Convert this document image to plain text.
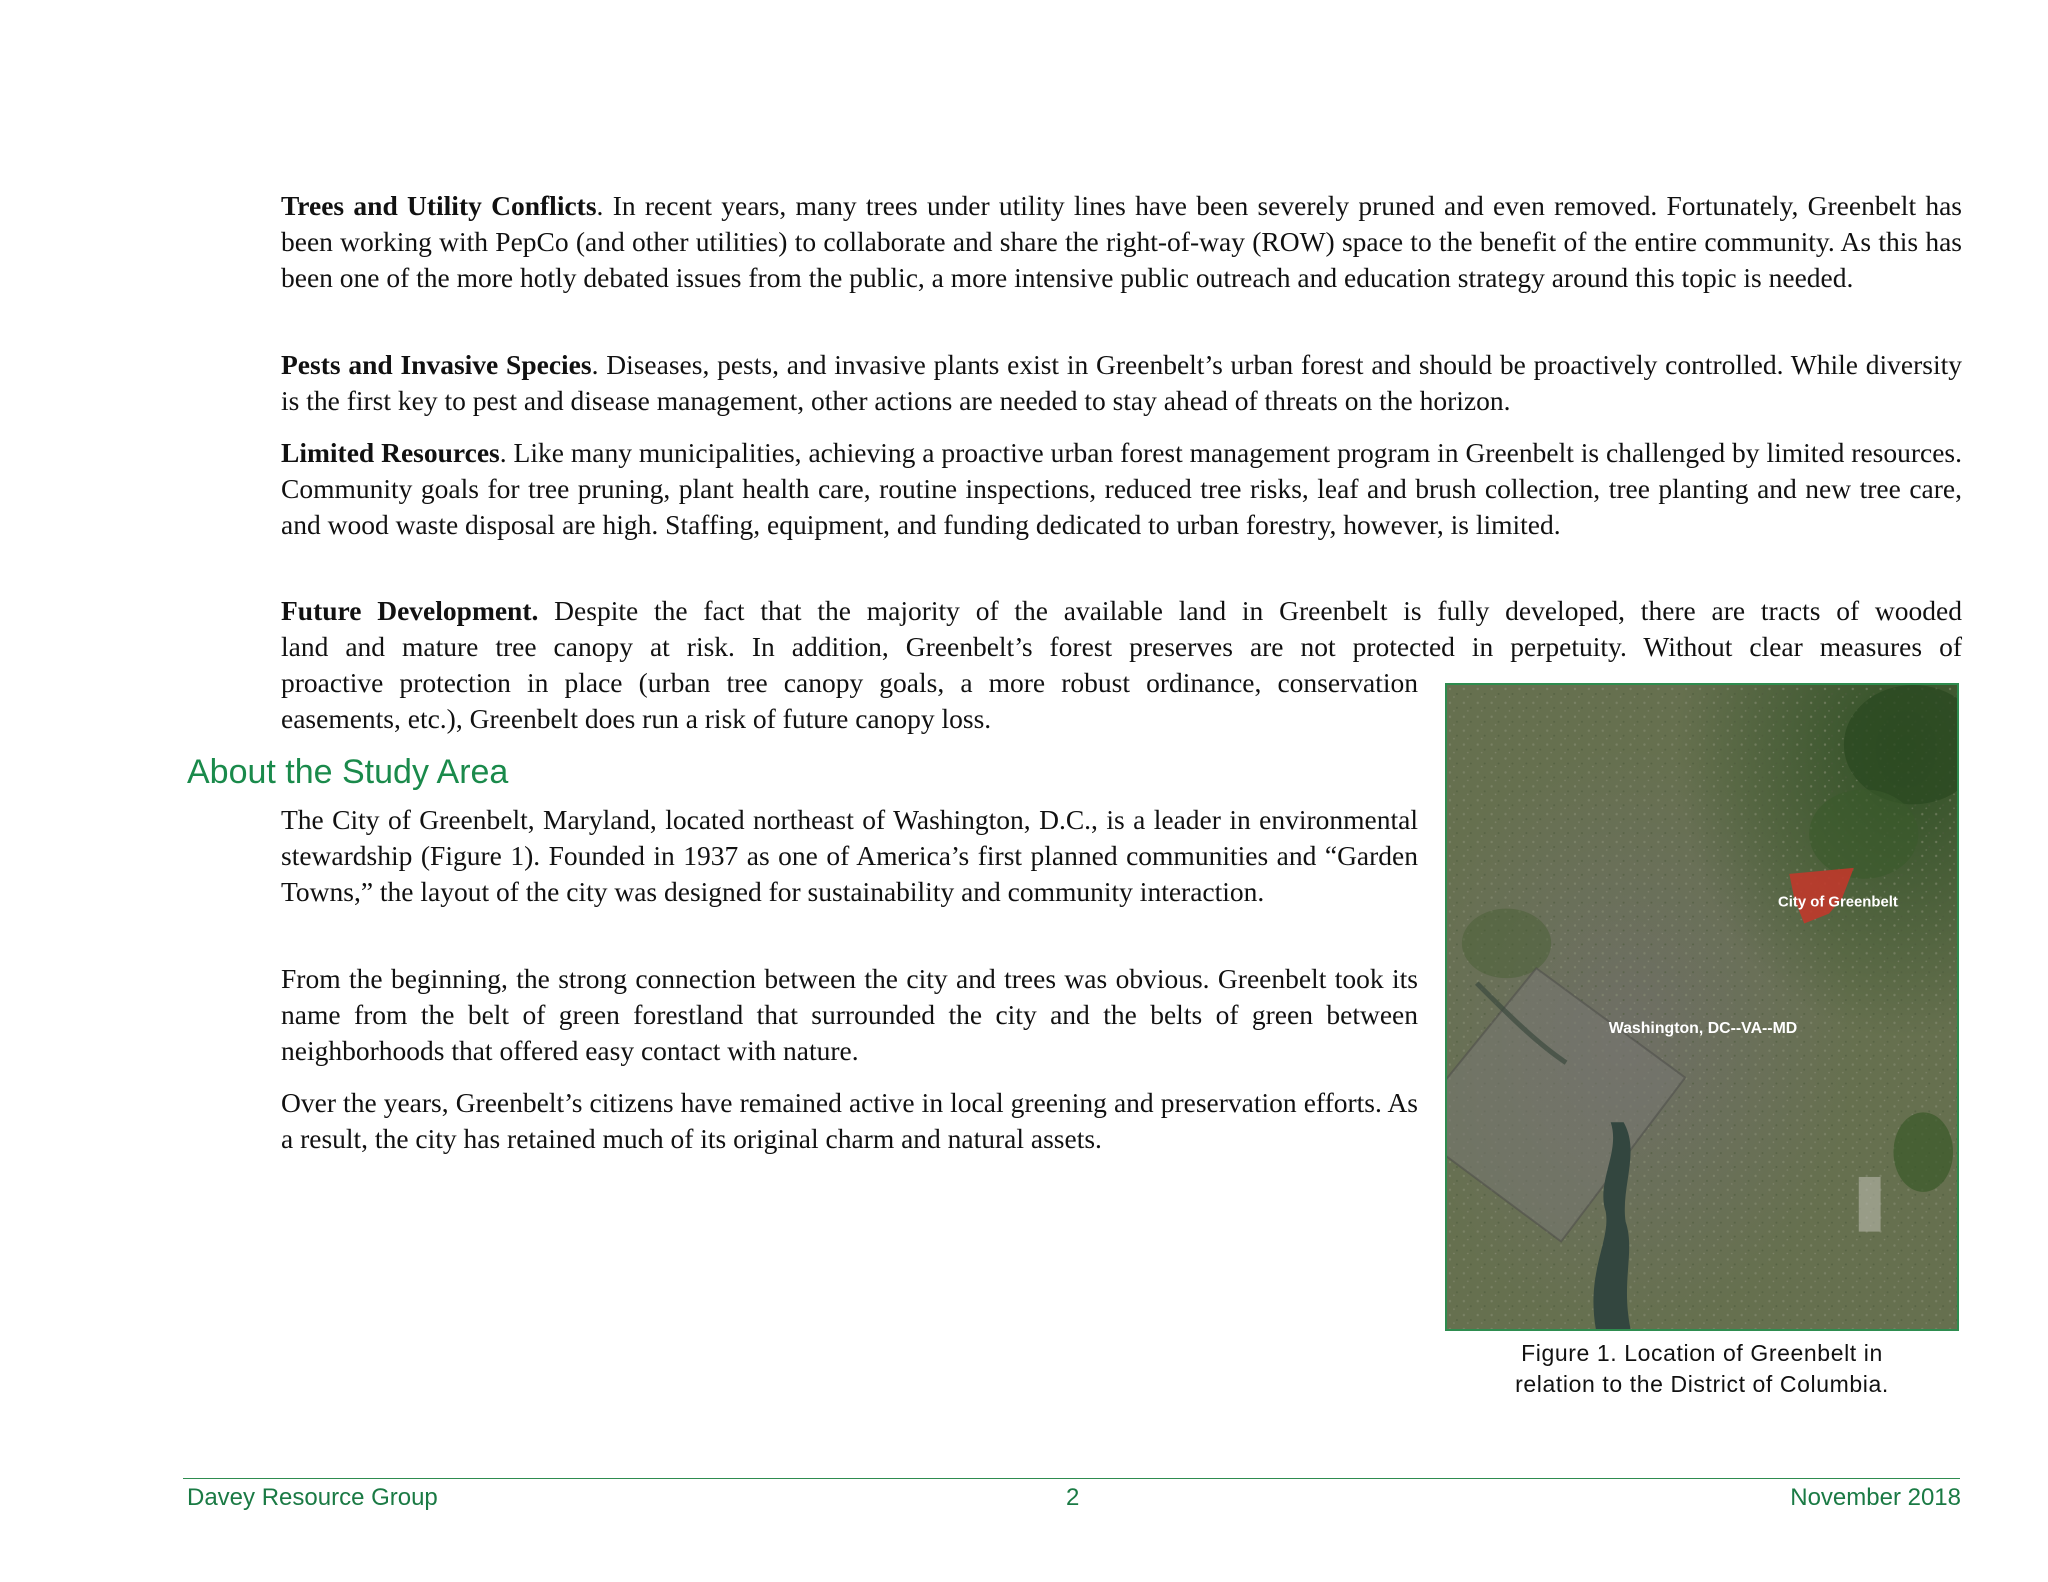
Trees and Utility Conflicts. In recent years, many trees under utility lines have been severely pruned and even removed. Fortunately, Greenbelt has been working with PepCo (and other utilities) to collaborate and share the right-of-way (ROW) space to the benefit of the entire community. As this has been one of the more hotly debated issues from the public, a more intensive public outreach and education strategy around this topic is needed.

Pests and Invasive Species. Diseases, pests, and invasive plants exist in Greenbelt’s urban forest and should be proactively controlled. While diversity is the first key to pest and disease management, other actions are needed to stay ahead of threats on the horizon.

Limited Resources. Like many municipalities, achieving a proactive urban forest management program in Greenbelt is challenged by limited resources. Community goals for tree pruning, plant health care, routine inspections, reduced tree risks, leaf and brush collection, tree planting and new tree care, and wood waste disposal are high. Staffing, equipment, and funding dedicated to urban forestry, however, is limited.

Future Development. Despite the fact that the majority of the available land in Greenbelt is fully developed, there are tracts of wooded
land and mature tree canopy at risk. In addition, Greenbelt’s forest preserves are not protected in perpetuity. Without clear measures of
proactive protection in place (urban tree canopy goals, a more robust ordinance, conservation
easements, etc.), Greenbelt does run a risk of future canopy loss.

About the Study Area

The City of Greenbelt, Maryland, located northeast of Washington, D.C., is a leader in environmental stewardship (Figure 1). Founded in 1937 as one of America’s first planned communities and “Garden Towns,” the layout of the city was designed for sustainability and community interaction.

From the beginning, the strong connection between the city and trees was obvious. Greenbelt took its name from the belt of green forestland that surrounded the city and the belts of green between neighborhoods that offered easy contact with nature.

Over the years, Greenbelt’s citizens have remained active in local greening and preservation efforts. As a result, the city has retained much of its original charm and natural assets.

City of Greenbelt
Washington, DC--VA--MD

Figure 1. Location of Greenbelt in
relation to the District of Columbia.

Davey Resource Group	2	November 2018
